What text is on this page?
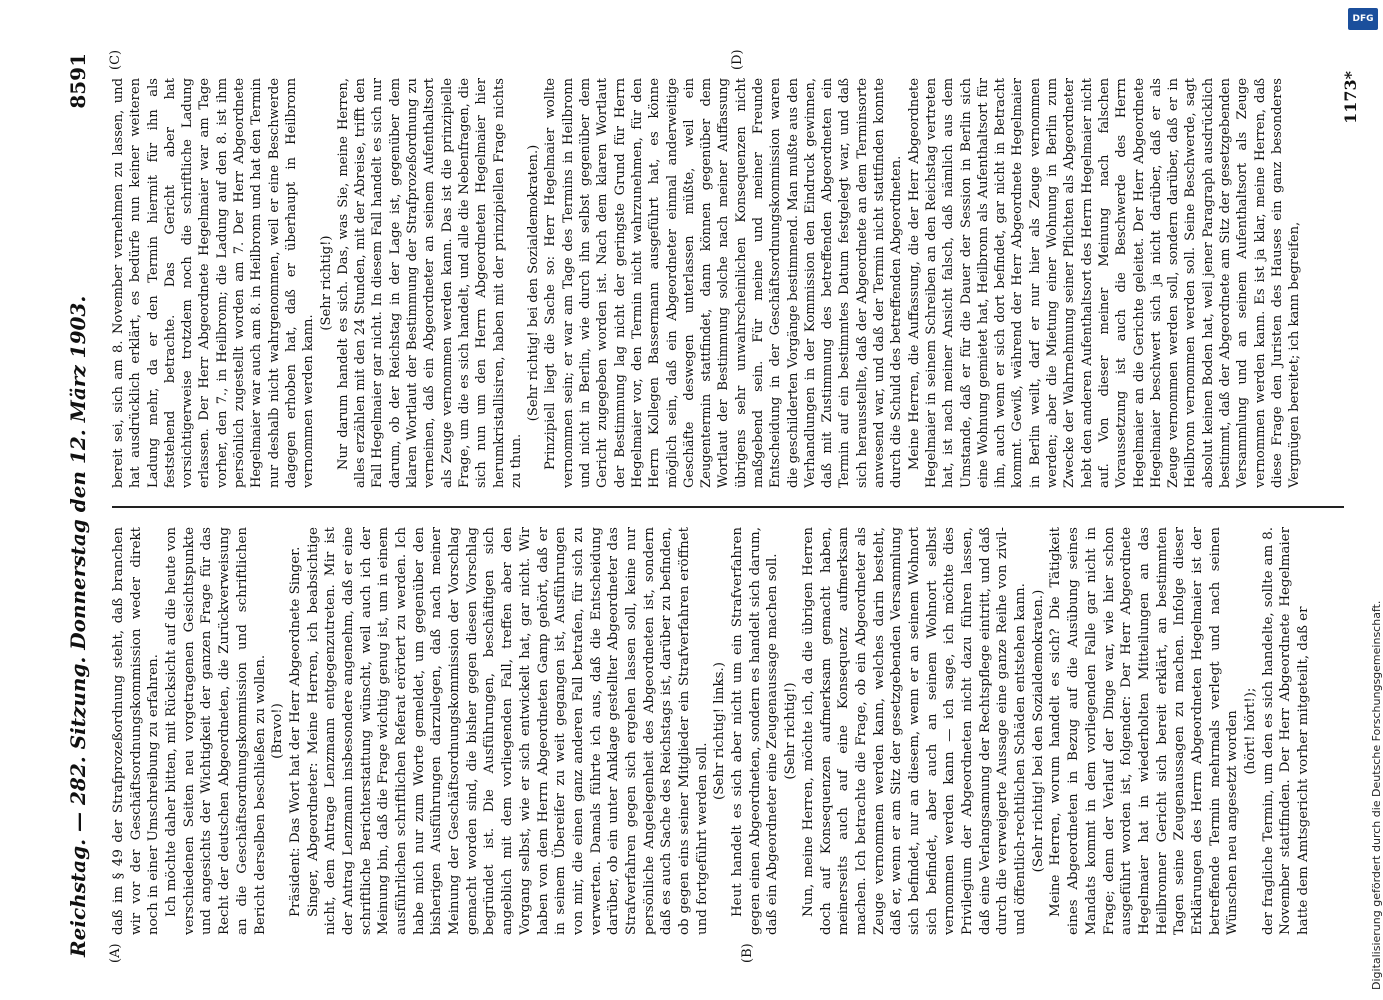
Reichstag. — 282. Sitzung. Donnerstag den 12. März 1903.
8591
(A)	(B)
(C)	(D)

daß im § 49 der Strafprozeßordnung steht, daß branchen wir vor der Geschäftsordnungskommission weder direkt noch in einer Umschreibung zu erfahren. Ich möchte daher bitten, mit Rücksicht auf die heute von verschiedenen Seiten neu vorgetragenen Gesichtspunkte und angesichts der Wichtigkeit der ganzen Frage für das Recht der deutschen Abgeordneten, die Zurückverweisung an die Geschäftsordnungskommission und schriftlichen Bericht derselben beschließen zu wollen. (Bravo!) Präsident: Das Wort hat der Herr Abgeordnete Singer. Singer, Abgeordneter: Meine Herren, ich beabsichtige nicht, dem Antrage Lenzmann entgegenzutreten. Mir ist der Antrag Lenzmann insbesondere angenehm, daß er eine schriftliche Berichterstattung wünscht, weil auch ich der Meinung bin, daß die Frage wichtig genug ist, um in einem ausführlichen schriftlichen Referat erörtert zu werden. Ich habe mich nur zum Worte gemeldet, um gegenüber den bisherigen Ausführungen darzulegen, daß nach meiner Meinung der Geschäftsordnungskommission der Vorschlag gemacht worden sind, die bisher gegen diesen Vorschlag begründet ist. Die Ausführungen, beschäftigen sich angeblich mit dem vorliegenden Fall, treffen aber den Vorgang selbst, wie er sich entwickelt hat, gar nicht. Wir haben von dem Herrn Abgeordneten Gamp gehört, daß er in seinem Übereifer zu weit gegangen ist, Ausführungen von mir, die einen ganz anderen Fall betrafen, für sich zu verwerten. Damals führte ich aus, daß die Entscheidung darüber, ob ein unter Anklage gestellter Abgeordneter das Strafverfahren gegen sich ergehen lassen soll, keine nur persönliche Angelegenheit des Abgeordneten ist, sondern daß es auch Sache des Reichstags ist, darüber zu befinden, ob gegen eins seiner Mitglieder ein Strafverfahren eröffnet und fortgeführt werden soll.

(Sehr richtig! links.) Heut handelt es sich aber nicht um ein Strafverfahren gegen einen Abgeordneten, sondern es handelt sich darum, daß ein Abgeordneter eine Zeugenaussage machen soll. (Sehr richtig!) Nun, meine Herren, möchte ich, da die übrigen Herren doch auf Konsequenzen aufmerksam gemacht haben, meinerseits auch auf eine Konsequenz aufmerksam machen. Ich betrachte die Frage, ob ein Abgeordneter als Zeuge vernommen werden kann, welches darin besteht, daß er, wenn er am Sitz der gesetzgebenden Versammlung sich befindet, nur an diesem, wenn er an seinem Wohnort sich befindet, aber auch an seinem Wohnort selbst vernommen werden kann — ich sage, ich möchte dies Privilegium der Abgeordneten nicht dazu führen lassen, daß eine Verlangsamung der Rechtspflege eintritt, und daß durch die verweigerte Aussage eine ganze Reihe von zivil- und öffentlich-rechtlichen Schäden entstehen kann. (Sehr richtig! bei den Sozialdemokraten.) Meine Herren, worum handelt es sich? Die Tätigkeit eines Abgeordneten in Bezug auf die Ausübung seines Mandats kommt in dem vorliegenden Falle gar nicht in Frage; denn der Verlauf der Dinge war, wie hier schon ausgeführt worden ist, folgender: Der Herr Abgeordnete Hegelmaier hat in wiederholten Mitteilungen an das Heilbronner Gericht sich bereit erklärt, an bestimmten Tagen seine Zeugenaussagen zu machen. Infolge dieser Erklärungen des Herrn Abgeordneten Hegelmaier ist der betreffende Termin mehrmals verlegt und nach seinen Wünschen neu angesetzt worden (hört! hört!); der fragliche Termin, um den es sich handelte, sollte am 8. November stattfinden. Der Herr Abgeordnete Hegelmaier hatte dem Amtsgericht vorher mitgeteilt, daß er

bereit sei, sich am 8. November vernehmen zu lassen, und hat ausdrücklich erklärt, es bedürfe nun keiner weiteren Ladung mehr, da er den Termin hiermit für ihn als feststehend betrachte. Das Gericht aber hat vorsichtigerweise trotzdem noch die schriftliche Ladung erlassen. Der Herr Abgeordnete Hegelmaier war am Tage vorher, den 7., in Heilbronn; die Ladung auf den 8. ist ihm persönlich zugestellt worden am 7. Der Herr Abgeordnete Hegelmaier war auch am 8. in Heilbronn und hat den Termin nur deshalb nicht wahrgenommen, weil er eine Beschwerde dagegen erhoben hat, daß er überhaupt in Heilbronn vernommen werden kann.

(Sehr richtig!) Nur darum handelt es sich. Das, was Sie, meine Herren, alles erzählen mit den 24 Stunden, mit der Abreise, trifft den Fall Hegelmaier gar nicht. In diesem Fall handelt es sich nur darum, ob der Reichstag in der Lage ist, gegenüber dem klaren Wortlaut der Bestimmung der Strafprozeßordnung zu verneinen, daß ein Abgeordneter an seinem Aufenthaltsort als Zeuge vernommen werden kann. Das ist die prinzipielle Frage, um die es sich handelt, und alle die Nebenfragen, die sich nun um den Herrn Abgeordneten Hegelmaier hier herumkristallisiren, haben mit der prinzipiellen Frage nichts zu thun.

(Sehr richtig! bei den Sozialdemokraten.) Prinzipiell liegt die Sache so: Herr Hegelmaier wollte vernommen sein; er war am Tage des Termins in Heilbronn und nicht in Berlin, wie durch ihn selbst gegenüber dem Gericht zugegeben worden ist. Nach dem klaren Wortlaut der Bestimmung lag nicht der geringste Grund für Herrn Hegelmaier vor, den Termin nicht wahrzunehmen, für den Herrn Kollegen Bassermann ausgeführt hat, es könne möglich sein, daß ein Abgeordneter einmal anderweitige Geschäfte deswegen unterlassen müßte, weil ein Zeugentermin stattfindet, dann können gegenüber dem Wortlaut der Bestimmung solche nach meiner Auffassung übrigens sehr unwahrscheinlichen Konsequenzen nicht maßgebend sein. Für meine und meiner Freunde Entscheidung in der Geschäftsordnungskommission waren die geschilderten Vorgänge bestimmend. Man mußte aus den Verhandlungen in der Kommission den Eindruck gewinnen, daß mit Zustimmung des betreffenden Abgeordneten ein Termin auf ein bestimmtes Datum festgelegt war, und daß sich herausstellte, daß der Abgeordnete an dem Terminsorte anwesend war, und daß der Termin nicht stattfinden konnte durch die Schuld des betreffenden Abgeordneten. Meine Herren, die Auffassung, die der Herr Abgeordnete Hegelmaier in seinem Schreiben an den Reichstag vertreten hat, ist nach meiner Ansicht falsch, daß nämlich aus dem Umstande, daß er für die Dauer der Session in Berlin sich eine Wohnung gemietet hat, Heilbronn als Aufenthaltsort für ihn, auch wenn er sich dort befindet, gar nicht in Betracht kommt. Gewiß, während der Herr Abgeordnete Hegelmaier in Berlin weilt, darf er nur hier als Zeuge vernommen werden; aber die Mietung einer Wohnung in Berlin zum Zwecke der Wahrnehmung seiner Pflichten als Abgeordneter hebt den anderen Aufenthaltsort des Herrn Hegelmaier nicht auf. Von dieser meiner Meinung nach falschen Voraussetzung ist auch die Beschwerde des Herrn Hegelmaier an die Gerichte geleitet. Der Herr Abgeordnete Hegelmaier beschwert sich ja nicht darüber, daß er als Zeuge vernommen werden soll, sondern darüber, daß er in Heilbronn vernommen werden soll. Seine Beschwerde, sagt absolut keinen Boden hat, weil jener Paragraph ausdrücklich bestimmt, daß der Abgeordnete am Sitz der gesetzgebenden Versammlung und an seinem Aufenthaltsort als Zeuge vernommen werden kann. Es ist ja klar, meine Herren, daß diese Frage den Juristen des Hauses ein ganz besonderes Vergnügen bereitet; ich kann begreifen,

1173*
Digitalisierung gefördert durch die Deutsche Forschungsgemeinschaft.
DFG
